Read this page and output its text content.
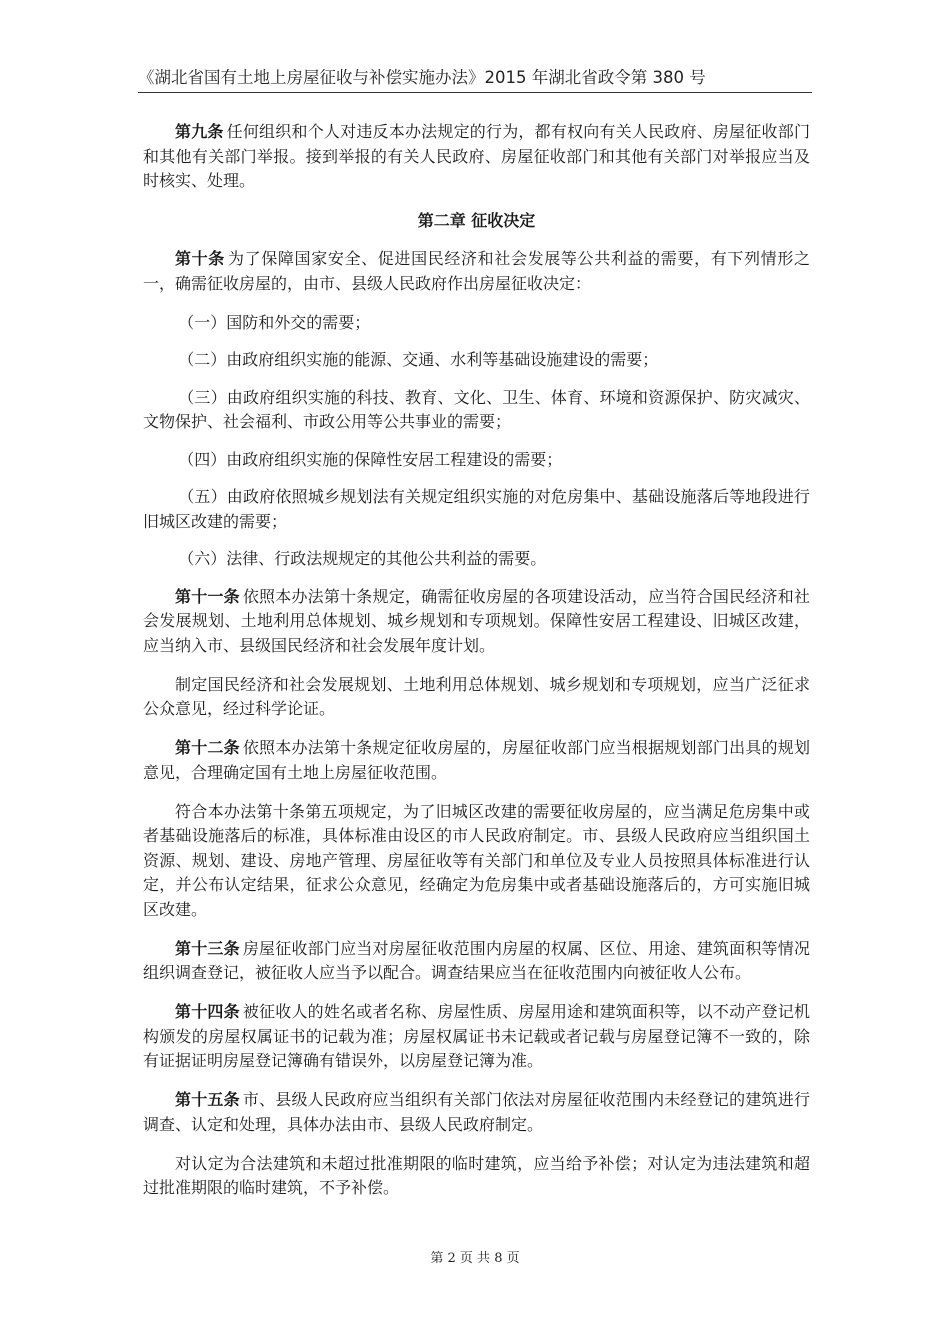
《湖北省国有土地上房屋征收与补偿实施办法》2015 年湖北省政令第 380 号

第九条 任何组织和个人对违反本办法规定的行为，都有权向有关人民政府、房屋征收部门和其他有关部门举报。接到举报的有关人民政府、房屋征收部门和其他有关部门对举报应当及时核实、处理。

第二章 征收决定

第十条 为了保障国家安全、促进国民经济和社会发展等公共利益的需要，有下列情形之一，确需征收房屋的，由市、县级人民政府作出房屋征收决定：

（一）国防和外交的需要；

（二）由政府组织实施的能源、交通、水利等基础设施建设的需要；

（三）由政府组织实施的科技、教育、文化、卫生、体育、环境和资源保护、防灾减灾、文物保护、社会福利、市政公用等公共事业的需要；

（四）由政府组织实施的保障性安居工程建设的需要；

（五）由政府依照城乡规划法有关规定组织实施的对危房集中、基础设施落后等地段进行旧城区改建的需要；

（六）法律、行政法规规定的其他公共利益的需要。

第十一条 依照本办法第十条规定，确需征收房屋的各项建设活动，应当符合国民经济和社会发展规划、土地利用总体规划、城乡规划和专项规划。保障性安居工程建设、旧城区改建，应当纳入市、县级国民经济和社会发展年度计划。

制定国民经济和社会发展规划、土地利用总体规划、城乡规划和专项规划，应当广泛征求公众意见，经过科学论证。

第十二条 依照本办法第十条规定征收房屋的，房屋征收部门应当根据规划部门出具的规划意见，合理确定国有土地上房屋征收范围。

符合本办法第十条第五项规定，为了旧城区改建的需要征收房屋的，应当满足危房集中或者基础设施落后的标准，具体标准由设区的市人民政府制定。市、县级人民政府应当组织国土资源、规划、建设、房地产管理、房屋征收等有关部门和单位及专业人员按照具体标准进行认定，并公布认定结果，征求公众意见，经确定为危房集中或者基础设施落后的，方可实施旧城区改建。

第十三条 房屋征收部门应当对房屋征收范围内房屋的权属、区位、用途、建筑面积等情况组织调查登记，被征收人应当予以配合。调查结果应当在征收范围内向被征收人公布。

第十四条 被征收人的姓名或者名称、房屋性质、房屋用途和建筑面积等，以不动产登记机构颁发的房屋权属证书的记载为准；房屋权属证书未记载或者记载与房屋登记簿不一致的，除有证据证明房屋登记簿确有错误外，以房屋登记簿为准。

第十五条 市、县级人民政府应当组织有关部门依法对房屋征收范围内未经登记的建筑进行调查、认定和处理，具体办法由市、县级人民政府制定。

对认定为合法建筑和未超过批准期限的临时建筑，应当给予补偿；对认定为违法建筑和超过批准期限的临时建筑，不予补偿。

第 2 页 共 8 页
